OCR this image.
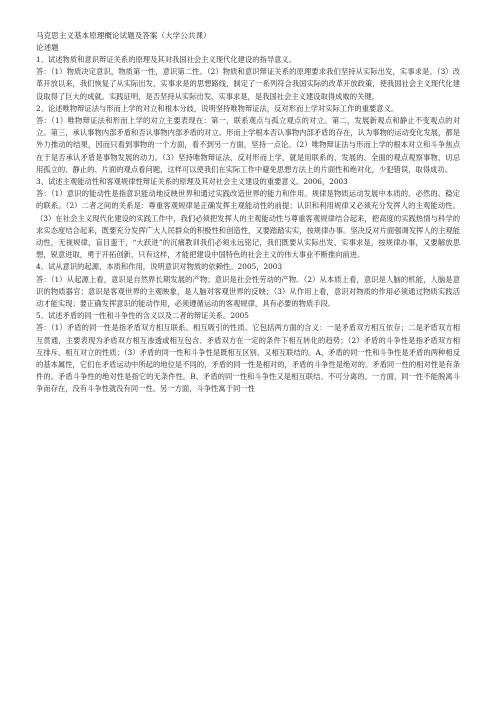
马克思主义基本原理概论试题及答案（大学公共课）

论述题

1、试述物质和意识辩证关系的原理及其对我国社会主义现代化建设的指导意义。

答：（1）物质决定意识，物质第一性，意识第二性。（2）物质和意识辩证关系的原理要求我们坚持从实际出发，实事求是。（3）改革开放以来，我们恢复了从实际出发、实事求是的思想路线，制定了一系列符合我国实际的改革开放政策，使我国社会主义现代化建设取得了巨大的成就。实践证明，是否坚持从实际出发、实事求是，是我国社会主义建设取得成败的关键。

2、论述唯物辩证法与形而上学的对立和根本分歧，说明坚持唯物辩证法，反对形而上学对实际工作的重要意义。

答：（1）唯物辩证法和形而上学的对立主要表现在：第一，联系观点与孤立观点的对立。第二，发展新观点和静止不变观点的对立。第三，承认事物内部矛盾和否认事物内部矛盾的对立。形而上学根本否认事物内部矛盾的存在，认为事物的运动变化发展，都是外力推动的结果，因而只看到事物的一个方面，看不到另一方面，坚持一点论。（2）唯物辩证法与形而上学的根本对立和斗争焦点在于是否承认矛盾是事物发展的动力。（3）坚持唯物辩证法，反对形而上学，就是用联系的、发展的、全面的观点观察事物，切忌用孤立的、静止的、片面的观点看问题，这样可以使我们在实际工作中避免思想方法上的片面性和绝对化，少犯错误，取得成功。

3、试述主观能动性和客观规律性辩证关系的原理及其对社会主义建设的重要意义。2006，2003

答：（1）意识的能动性是指意识能动地反映世界和通过实践改造世界的能力和作用。规律是物质运动发展中本质的、必然的、稳定的联系。（2）二者之间的关系是：尊重客观规律是正确发挥主观能动性的前提；认识和利用规律又必须充分发挥人的主观能动性。（3）在社会主义现代化建设的实践工作中，我们必须把发挥人的主观能动性与尊重客观规律结合起来，把高度的实践热情与科学的求实态度结合起来，既要充分发挥广大人民群众的积极性和创造性，又要踏踏实实，按规律办事。坚决反对片面强调发挥人的主观能动性，无视规律，盲目蛮干，“大跃进”的沉痛教训我们必须永远铭记，我们既要从实际出发、实事求是，按规律办事，又要解放思想，锐意进取，勇于开拓创新，只有这样，才能把建设中国特色的社会主义的伟大事业不断推向前进。

4、试从意识的起源、本质和作用，说明意识对物质的依赖性。2005，2003

答：（1）从起源上看，意识是自然界长期发展的产物；意识是社会性劳动的产物。（2）从本质上看，意识是人脑的机能，人脑是意识的物质器官；意识是客观世界的主观映象，是人脑对客观世界的反映；（3）从作用上看，意识对物质的作用必须通过物质实践活动才能实现；要正确发挥意识的能动作用，必须遵循运动的客观规律，具有必要的物质手段。

5、试述矛盾的同一性和斗争性的含义以及二者的辩证关系。2005

答：（1）矛盾的同一性是指矛盾双方相互联系、相互吸引的性质。它包括两方面的含义：一是矛盾双方相互依存；二是矛盾双方相互贯通，主要表现为矛盾双方相互渗透或相互包含、矛盾双方在一定的条件下相互转化的趋势；（2）矛盾的斗争性是指矛盾双方相互排斥、相互对立的性质；（3）矛盾的同一性和斗争性是既相互区别、又相互联结的。A、矛盾的同一性和斗争性是矛盾的两种相反的基本属性，它们在矛盾运动中所起的地位是不同的，矛盾的同一性是相对的，矛盾的斗争性是绝对的。矛盾同一性的相对性是有条件的。矛盾斗争性的绝对性是指它的无条件性。B、矛盾的同一性和斗争性又是相互联结、不可分离的。一方面，同一性不能脱离斗争而存在，没有斗争性就没有同一性。另一方面，斗争性寓于同一性
